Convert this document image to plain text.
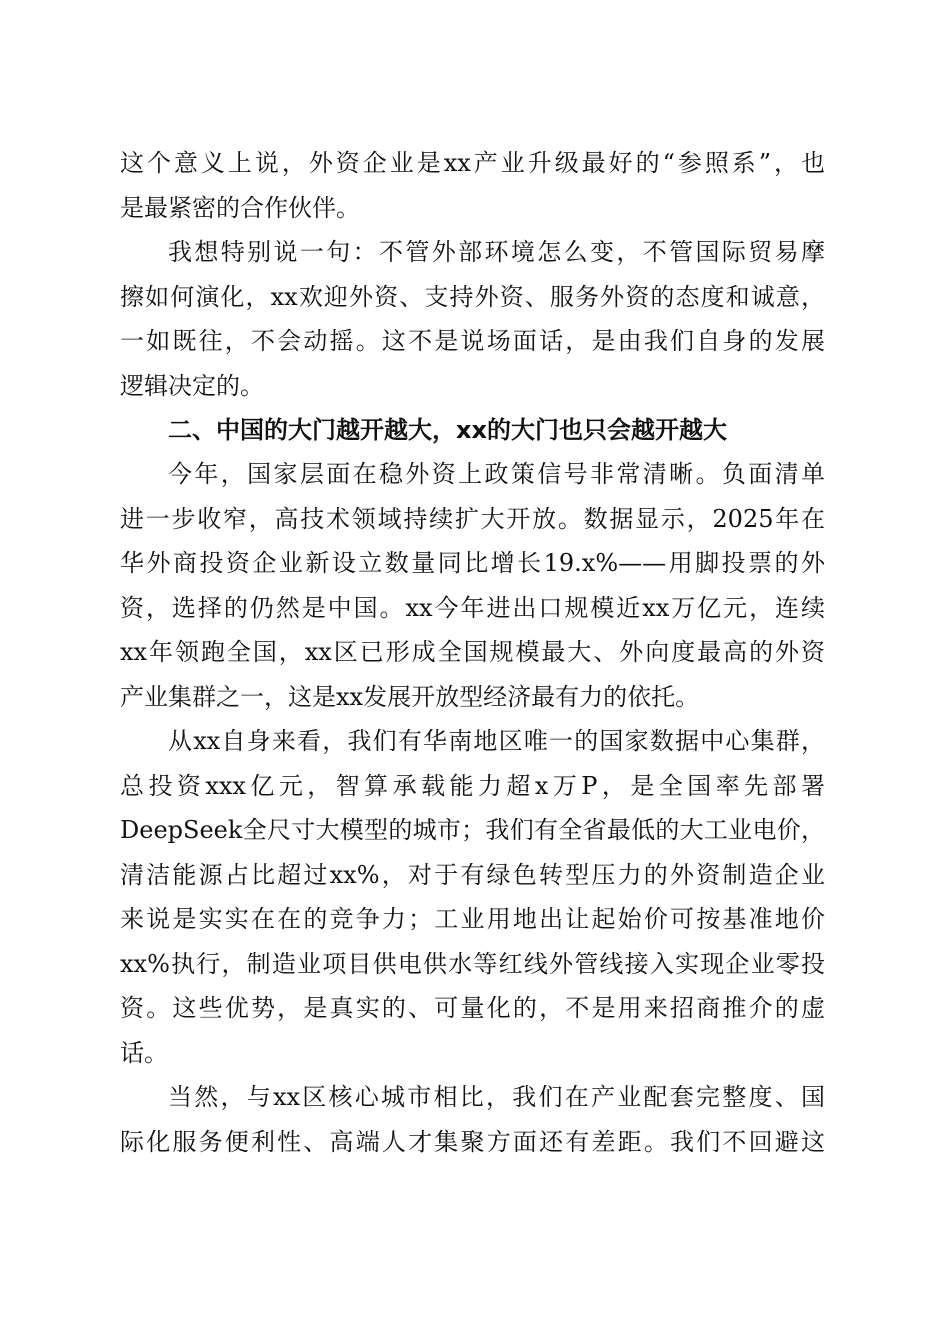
这个意义上说，外资企业是xx产业升级最好的“参照系”，也
是最紧密的合作伙伴。
我想特别说一句：不管外部环境怎么变，不管国际贸易摩
擦如何演化，xx欢迎外资、支持外资、服务外资的态度和诚意，
一如既往，不会动摇。这不是说场面话，是由我们自身的发展
逻辑决定的。
二、中国的大门越开越大，xx的大门也只会越开越大
今年，国家层面在稳外资上政策信号非常清晰。负面清单
进一步收窄，高技术领域持续扩大开放。数据显示，2025年在
华外商投资企业新设立数量同比增长19.x%——用脚投票的外
资，选择的仍然是中国。xx今年进出口规模近xx万亿元，连续
xx年领跑全国，xx区已形成全国规模最大、外向度最高的外资
产业集群之一，这是xx发展开放型经济最有力的依托。
从xx自身来看，我们有华南地区唯一的国家数据中心集群，
总投资xxx亿元，智算承载能力超x万P，是全国率先部署
DeepSeek全尺寸大模型的城市；我们有全省最低的大工业电价，
清洁能源占比超过xx%，对于有绿色转型压力的外资制造企业
来说是实实在在的竞争力；工业用地出让起始价可按基准地价
xx%执行，制造业项目供电供水等红线外管线接入实现企业零投
资。这些优势，是真实的、可量化的，不是用来招商推介的虚
话。
当然，与xx区核心城市相比，我们在产业配套完整度、国
际化服务便利性、高端人才集聚方面还有差距。我们不回避这
